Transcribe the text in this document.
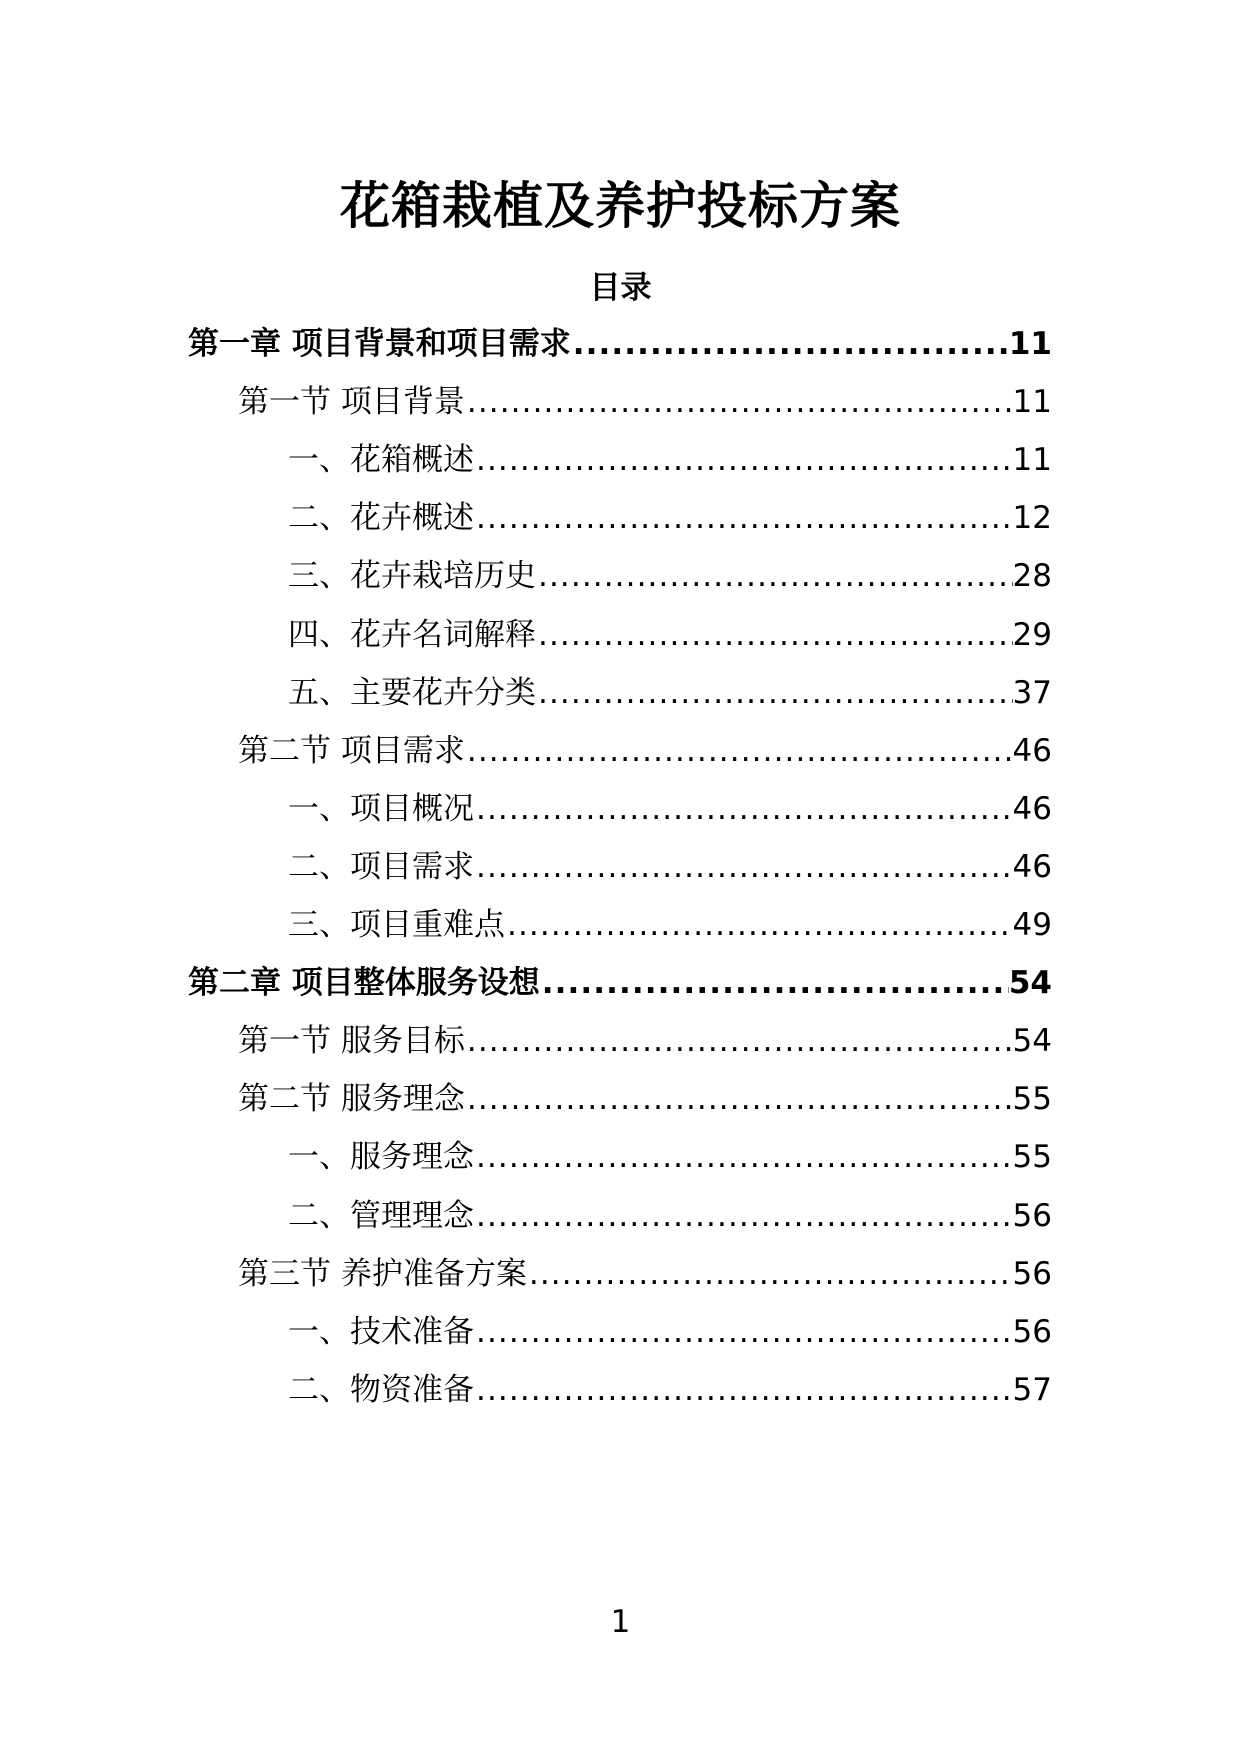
花箱栽植及养护投标方案
目录
第一章 项目背景和项目需求 .....	11
第一节 项目背景 .....	11
一、花箱概述 .....	11
二、花卉概述 .....	12
三、花卉栽培历史 .....	28
四、花卉名词解释 .....	29
五、主要花卉分类 .....	37
第二节 项目需求 .....	46
一、项目概况 .....	46
二、项目需求 .....	46
三、项目重难点 .....	49
第二章 项目整体服务设想 .....	54
第一节 服务目标 .....	54
第二节 服务理念 .....	55
一、服务理念 .....	55
二、管理理念 .....	56
第三节 养护准备方案 .....	56
一、技术准备 .....	56
二、物资准备 .....	57
1
